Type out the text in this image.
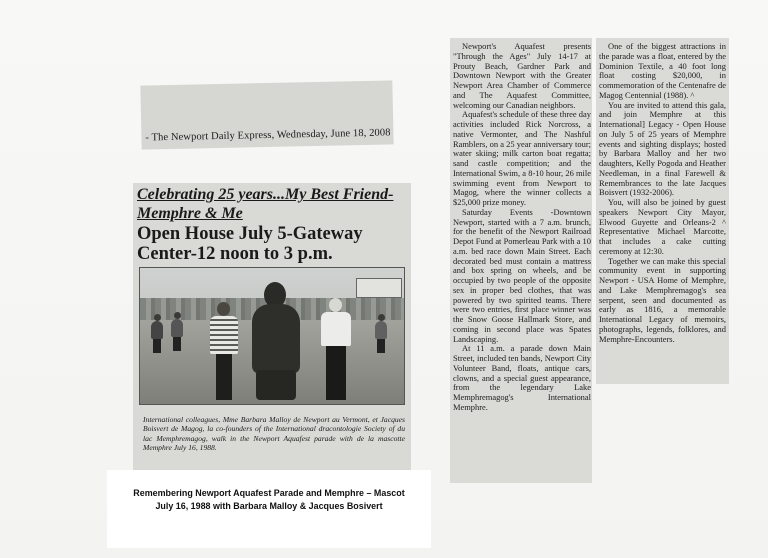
- The Newport Daily Express, Wednesday, June 18, 2008
Celebrating 25 years...My Best Friend-Memphre & Me
Open House July 5-Gateway Center-12 noon to 3 p.m.
International colleagues, Mme Barbara Malloy de Newport au Vermont, et Jacques Boisvert de Magog, la co-founders of the International dracontologie Society of du lac Memphremagog, walk in the Newport Aquafest parade with de la mascotte Memphre July 16, 1988.
Remembering Newport Aquafest Parade and Memphre – Mascot
July 16, 1988 with Barbara Malloy & Jacques Bosivert

Newport's Aquafest presents "Through the Ages" July 14-17 at Prouty Beach, Gardner Park and Downtown Newport with the Greater Newport Area Chamber of Commerce and The Aquafest Committee, welcoming our Canadian neighbors.

Aquafest's schedule of these three day activities included Rick Norcross, a native Vermonter, and The Nashful Ramblers, on a 25 year anniversary tour; water skiing; milk carton boat regatta; sand castle competition; and the International Swim, a 8-10 hour, 26 mile swimming event from Newport to Magog, where the winner collects a $25,000 prize money.

Saturday Events -Downtown Newport, started with a 7 a.m. brunch, for the benefit of the Newport Railroad Depot Fund at Pomerleau Park with a 10 a.m. bed race down Main Street. Each decorated bed must contain a mattress and box spring on wheels, and be occupied by two people of the opposite sex in proper bed clothes, that was powered by two spirited teams. There were two entries, first place winner was the Snow Goose Hallmark Store, and coming in second place was Spates Landscaping.

At 11 a.m. a parade down Main Street, included ten bands, Newport City Volunteer Band, floats, antique cars, clowns, and a special guest appearance, from the legendary Lake Memphremagog's International Memphre.

One of the biggest attractions in the parade was a float, entered by the Dominion Textile, a 40 foot long float costing $20,000, in commemoration of the Centenafre de Magog Centennial (1988). ^

You are invited to attend this gala, and join Memphre at this International] Legacy - Open House on July 5 of 25 years of Memphre events and sighting displays; hosted by Barbara Malloy and her two daughters, Kelly Pogoda and Heather Needleman, in a final Farewell & Remembrances to the late Jacques Boisvert (1932-2006).

You, will also be joined by guest speakers Newport City Mayor, Elwood Guyette and Orleans-2 ^ Representative Michael Marcotte, that includes a cake cutting ceremony at 12:30.

Together we can make this special community event in supporting Newport - USA Home of Memphre, and Lake Memphremagog's sea serpent, seen and documented as early as 1816, a memorable International Legacy of memoirs, photographs, legends, folklores, and Memphre-Encounters.
